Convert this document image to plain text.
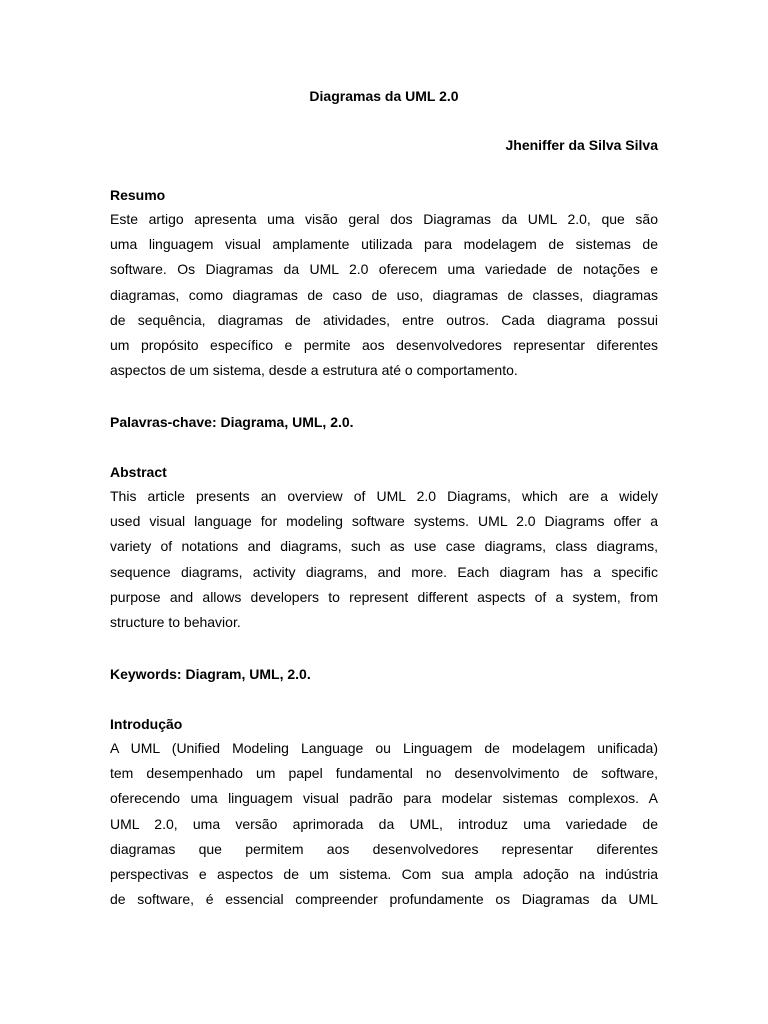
Diagramas da UML 2.0

Jheniffer da Silva Silva

Resumo
Este artigo apresenta uma visão geral dos Diagramas da UML 2.0, que são
uma linguagem visual amplamente utilizada para modelagem de sistemas de
software. Os Diagramas da UML 2.0 oferecem uma variedade de notações e
diagramas, como diagramas de caso de uso, diagramas de classes, diagramas
de sequência, diagramas de atividades, entre outros. Cada diagrama possui
um propósito específico e permite aos desenvolvedores representar diferentes
aspectos de um sistema, desde a estrutura até o comportamento.

Palavras-chave: Diagrama, UML, 2.0.

Abstract
This article presents an overview of UML 2.0 Diagrams, which are a widely
used visual language for modeling software systems. UML 2.0 Diagrams offer a
variety of notations and diagrams, such as use case diagrams, class diagrams,
sequence diagrams, activity diagrams, and more. Each diagram has a specific
purpose and allows developers to represent different aspects of a system, from
structure to behavior.

Keywords: Diagram, UML, 2.0.

Introdução
A UML (Unified Modeling Language ou Linguagem de modelagem unificada)
tem desempenhado um papel fundamental no desenvolvimento de software,
oferecendo uma linguagem visual padrão para modelar sistemas complexos. A
UML 2.0, uma versão aprimorada da UML, introduz uma variedade de
diagramas que permitem aos desenvolvedores representar diferentes
perspectivas e aspectos de um sistema. Com sua ampla adoção na indústria
de software, é essencial compreender profundamente os Diagramas da UML
